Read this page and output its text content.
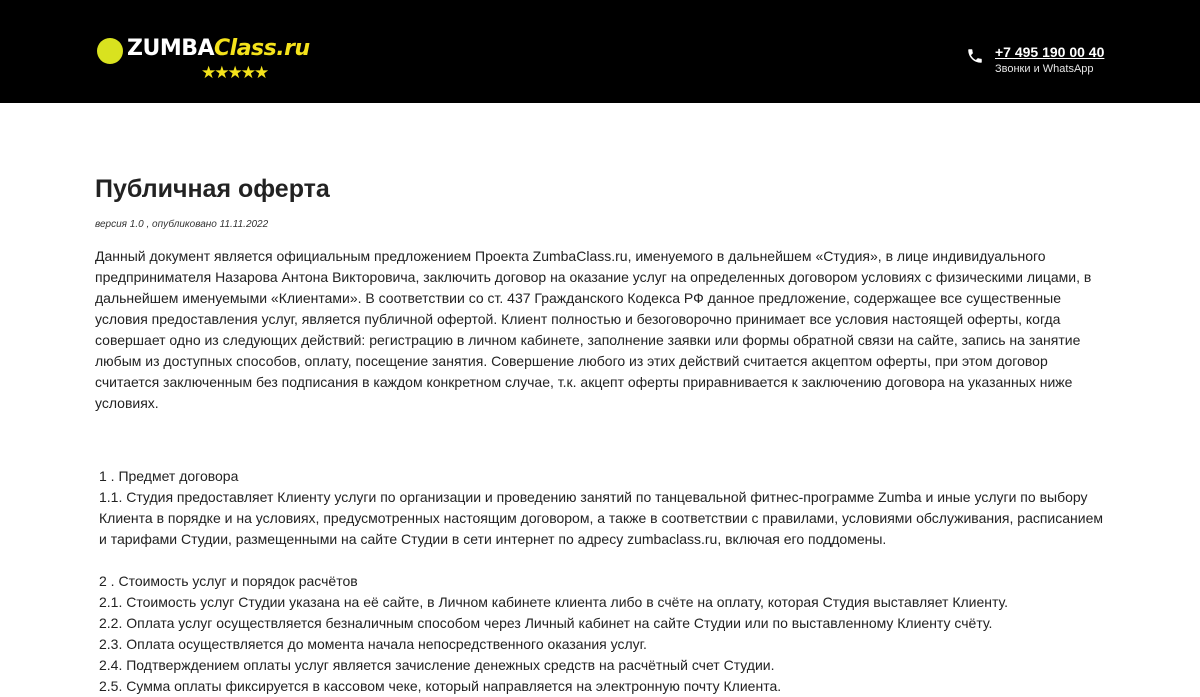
ZUMBAClass.ru
★★★★★
+7 495 190 00 40
Звонки и WhatsApp
Публичная оферта
версия 1.0 , опубликовано 11.11.2022

Данный документ является официальным предложением Проекта ZumbaClass.ru, именуемого в дальнейшем «Студия», в лице индивидуального предпринимателя Назарова Антона Викторовича, заключить договор на оказание услуг на определенных договором условиях с физическими лицами, в дальнейшем именуемыми «Клиентами». В соответствии со ст. 437 Гражданского Кодекса РФ данное предложение, содержащее все существенные условия предоставления услуг, является публичной офертой. Клиент полностью и безоговорочно принимает все условия настоящей оферты, когда совершает одно из следующих действий: регистрацию в личном кабинете, заполнение заявки или формы обратной связи на сайте, запись на занятие любым из доступных способов, оплату, посещение занятия. Совершение любого из этих действий считается акцептом оферты, при этом договор считается заключенным без подписания в каждом конкретном случае, т.к. акцепт оферты приравнивается к заключению договора на указанных ниже условиях.

1 . Предмет договора

1.1. Студия предоставляет Клиенту услуги по организации и проведению занятий по танцевальной фитнес-программе Zumba и иные услуги по выбору Клиента в порядке и на условиях, предусмотренных настоящим договором, а также в соответствии с правилами, условиями обслуживания, расписанием и тарифами Студии, размещенными на сайте Студии в сети интернет по адресу zumbaclass.ru, включая его поддомены.

2 . Стоимость услуг и порядок расчётов

2.1. Стоимость услуг Студии указана на её сайте, в Личном кабинете клиента либо в счёте на оплату, которая Студия выставляет Клиенту.

2.2. Оплата услуг осуществляется безналичным способом через Личный кабинет на сайте Студии или по выставленному Клиенту счёту.

2.3. Оплата осуществляется до момента начала непосредственного оказания услуг.

2.4. Подтверждением оплаты услуг является зачисление денежных средств на расчётный счет Студии.

2.5. Сумма оплаты фиксируется в кассовом чеке, который направляется на электронную почту Клиента.
